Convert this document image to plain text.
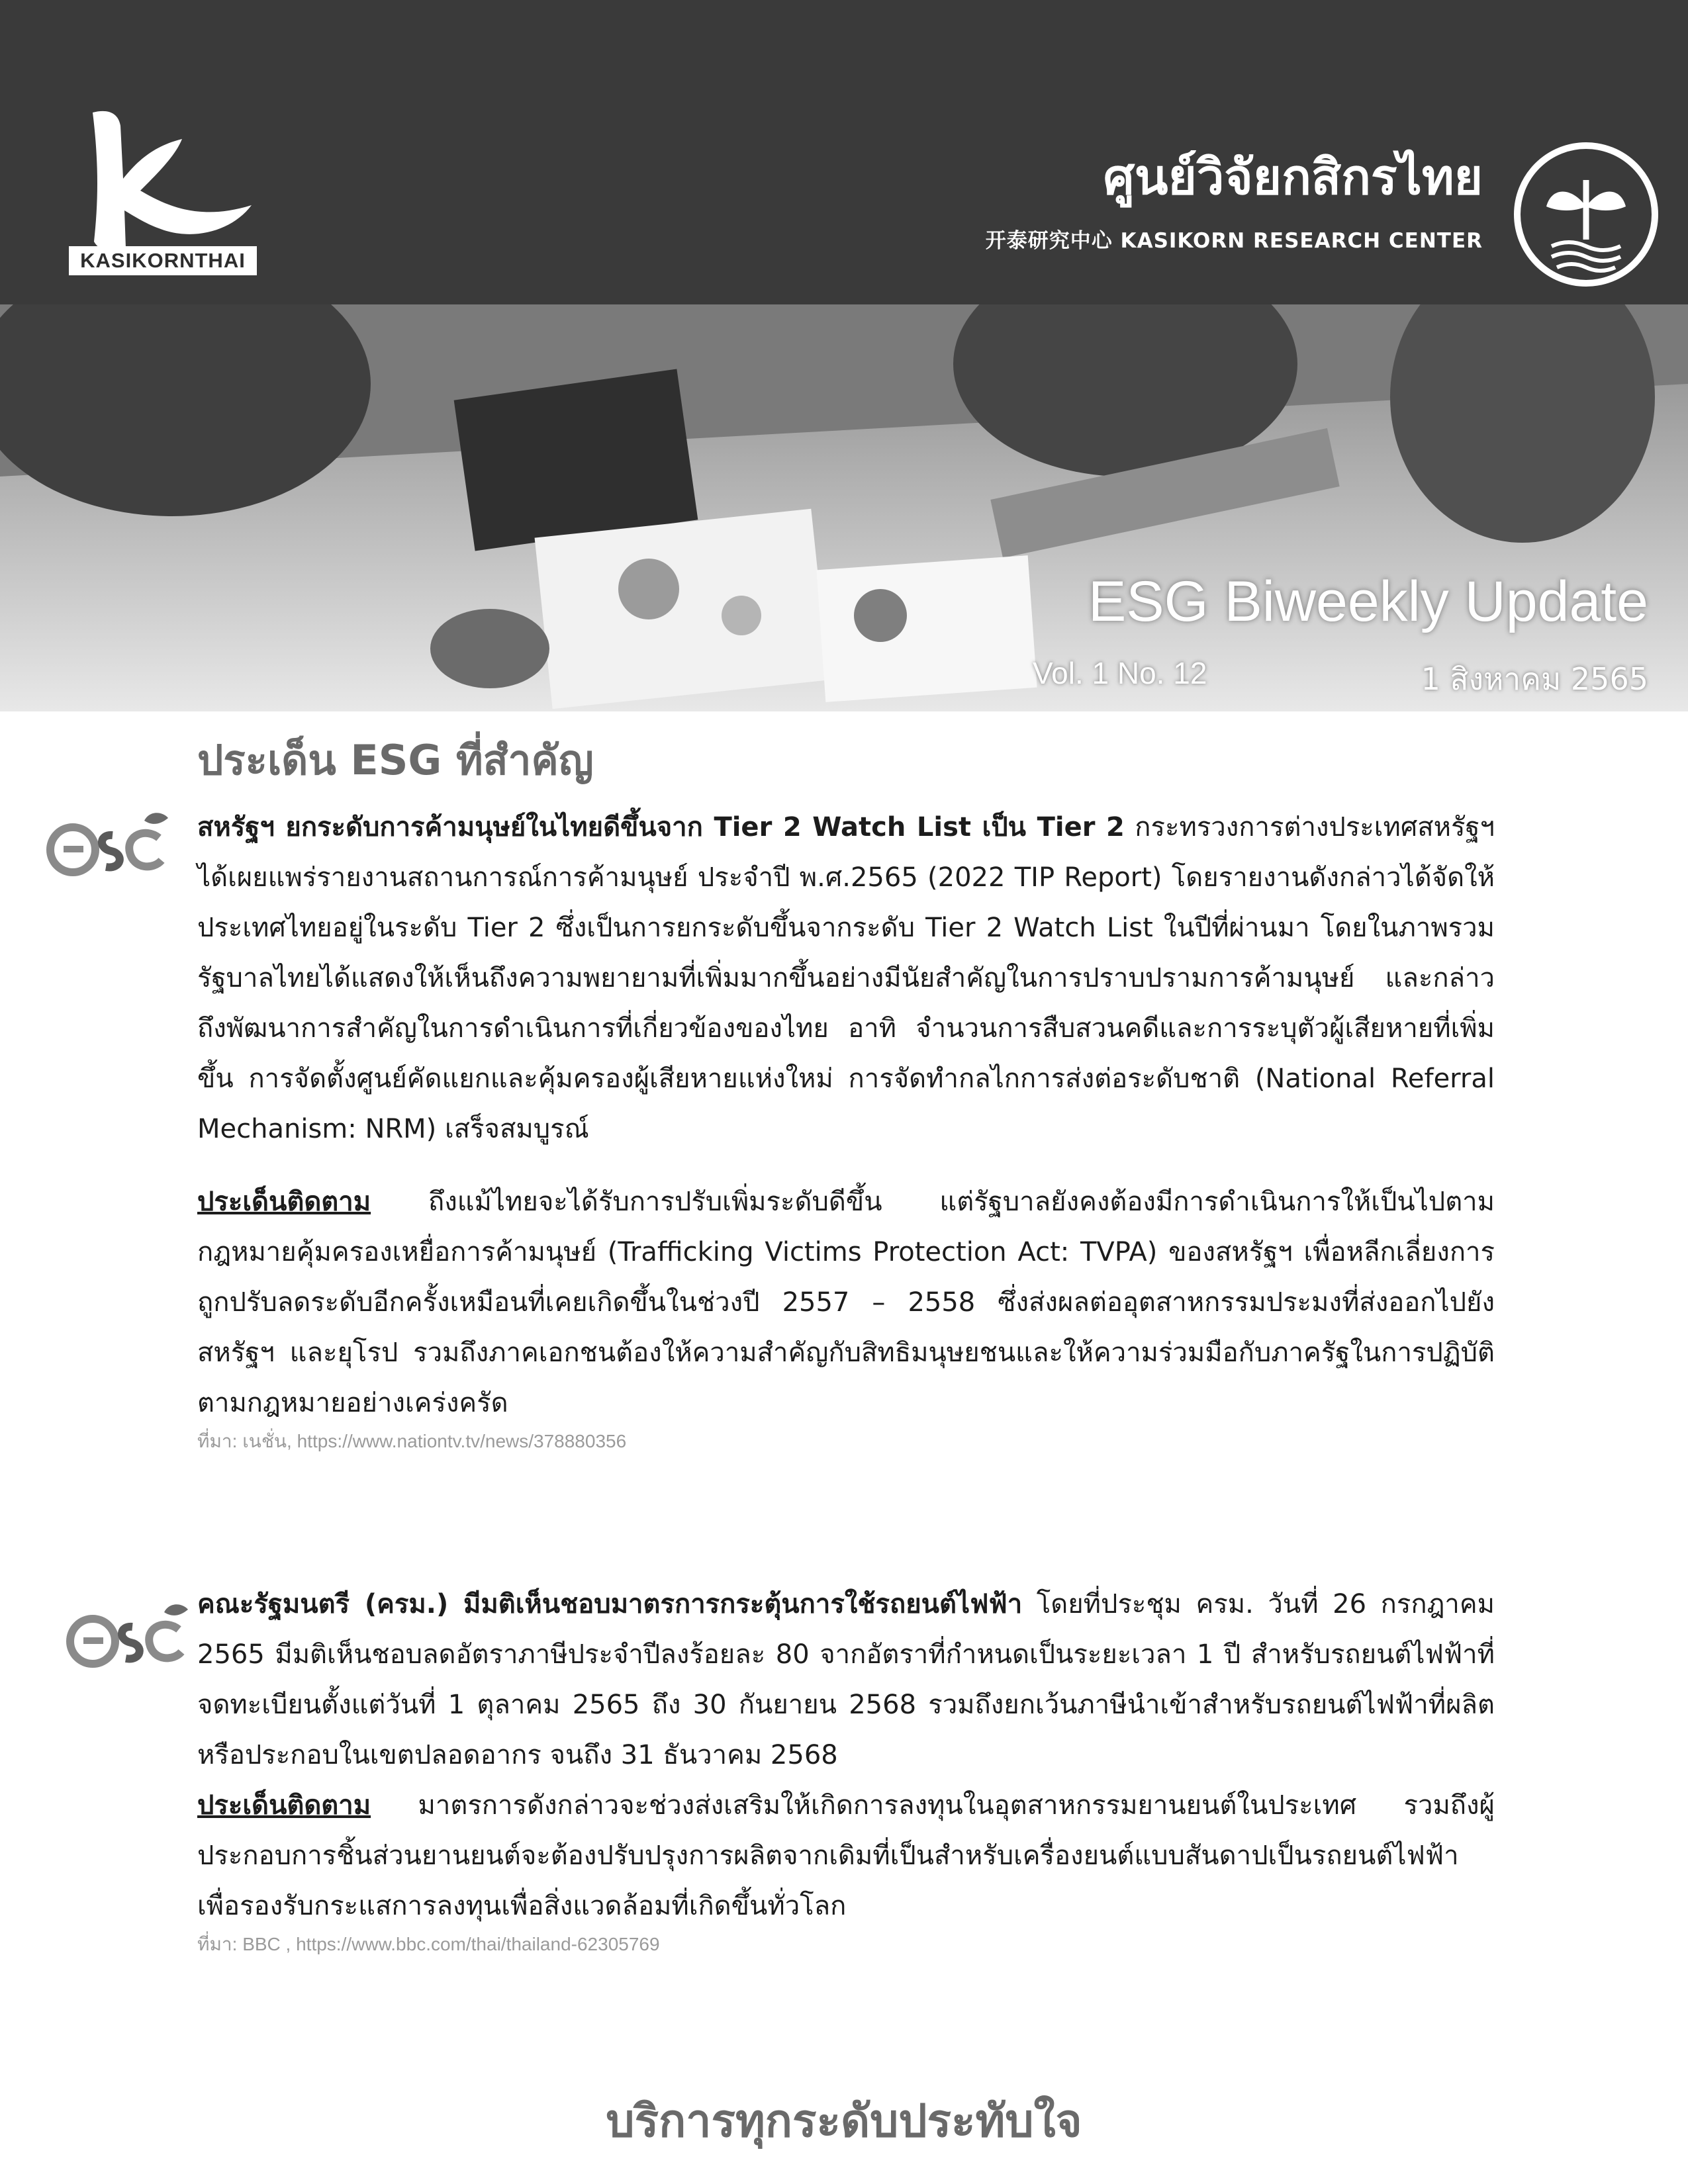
KASIKORNTHAI
ศูนย์วิจัยกสิกรไทย
开泰研究中心 KASIKORN RESEARCH CENTER
ESG Biweekly Update
Vol. 1 No. 12	1 สิงหาคม 2565
ประเด็น ESG ที่สำคัญ

สหรัฐฯ ยกระดับการค้ามนุษย์ในไทยดีขึ้นจาก Tier 2 Watch List เป็น Tier 2 กระทรวงการต่างประเทศสหรัฐฯ ได้เผยแพร่รายงานสถานการณ์การค้ามนุษย์ ประจำปี พ.ศ.2565 (2022 TIP Report) โดยรายงานดังกล่าวได้จัดให้ประเทศไทยอยู่ในระดับ Tier 2 ซึ่งเป็นการยกระดับขึ้นจากระดับ Tier 2 Watch List ในปีที่ผ่านมา โดยในภาพรวมรัฐบาลไทยได้แสดงให้เห็นถึงความพยายามที่เพิ่มมากขึ้นอย่างมีนัยสำคัญในการปราบปรามการค้ามนุษย์ และกล่าวถึงพัฒนาการสำคัญในการดำเนินการที่เกี่ยวข้องของไทย อาทิ จำนวนการสืบสวนคดีและการระบุตัวผู้เสียหายที่เพิ่มขึ้น การจัดตั้งศูนย์คัดแยกและคุ้มครองผู้เสียหายแห่งใหม่ การจัดทำกลไกการส่งต่อระดับชาติ (National Referral Mechanism: NRM) เสร็จสมบูรณ์

ประเด็นติดตาม ถึงแม้ไทยจะได้รับการปรับเพิ่มระดับดีขึ้น แต่รัฐบาลยังคงต้องมีการดำเนินการให้เป็นไปตามกฎหมายคุ้มครองเหยื่อการค้ามนุษย์ (Trafficking Victims Protection Act: TVPA) ของสหรัฐฯ เพื่อหลีกเลี่ยงการถูกปรับลดระดับอีกครั้งเหมือนที่เคยเกิดขึ้นในช่วงปี 2557 – 2558 ซึ่งส่งผลต่ออุตสาหกรรมประมงที่ส่งออกไปยังสหรัฐฯ และยุโรป รวมถึงภาคเอกชนต้องให้ความสำคัญกับสิทธิมนุษยชนและให้ความร่วมมือกับภาครัฐในการปฏิบัติตามกฎหมายอย่างเคร่งครัด

ที่มา: เนชั่น, https://www.nationtv.tv/news/378880356

คณะรัฐมนตรี (ครม.) มีมติเห็นชอบมาตรการกระตุ้นการใช้รถยนต์ไฟฟ้า โดยที่ประชุม ครม. วันที่ 26 กรกฎาคม 2565 มีมติเห็นชอบลดอัตราภาษีประจำปีลงร้อยละ 80 จากอัตราที่กำหนดเป็นระยะเวลา 1 ปี สำหรับรถยนต์ไฟฟ้าที่จดทะเบียนตั้งแต่วันที่ 1 ตุลาคม 2565 ถึง 30 กันยายน 2568 รวมถึงยกเว้นภาษีนำเข้าสำหรับรถยนต์ไฟฟ้าที่ผลิตหรือประกอบในเขตปลอดอากร จนถึง 31 ธันวาคม 2568

ประเด็นติดตาม มาตรการดังกล่าวจะช่วงส่งเสริมให้เกิดการลงทุนในอุตสาหกรรมยานยนต์ในประเทศ รวมถึงผู้ประกอบการชิ้นส่วนยานยนต์จะต้องปรับปรุงการผลิตจากเดิมที่เป็นสำหรับเครื่องยนต์แบบสันดาปเป็นรถยนต์ไฟฟ้าเพื่อรองรับกระแสการลงทุนเพื่อสิ่งแวดล้อมที่เกิดขึ้นทั่วโลก

ที่มา: BBC , https://www.bbc.com/thai/thailand-62305769

บริการทุกระดับประทับใจ
